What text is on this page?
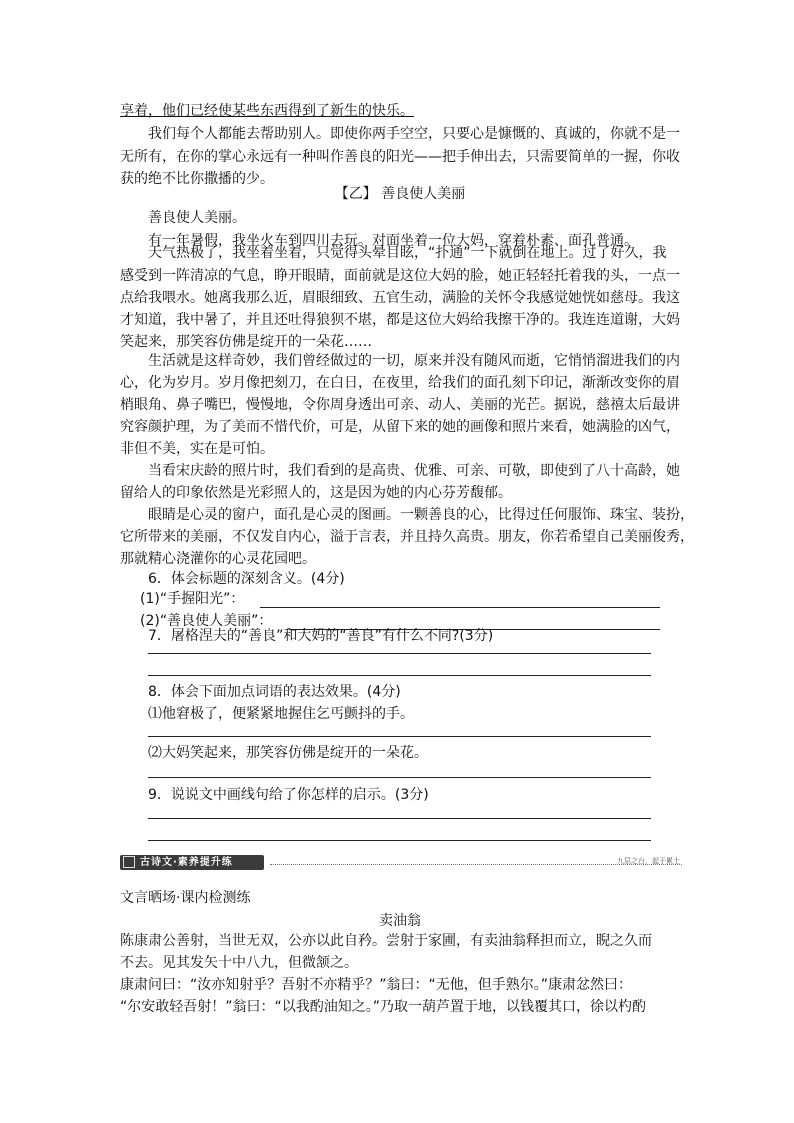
享着，他们已经使某些东西得到了新生的快乐。
我们每个人都能去帮助别人。即使你两手空空，只要心是慷慨的、真诚的，你就不是一
无所有，在你的掌心永远有一种叫作善良的阳光——把手伸出去，只需要简单的一握，你收
获的绝不比你撒播的少。
【乙】 善良使人美丽
善良使人美丽。
有一年暑假，我坐火车到四川去玩。对面坐着一位大妈，穿着朴素、面孔普通。
天气热极了，我坐着坐着，只觉得头晕目眩，“扑通”一下就倒在地上。过了好久，我
感受到一阵清凉的气息，睁开眼睛，面前就是这位大妈的脸，她正轻轻托着我的头，一点一
点给我喂水。她离我那么近，眉眼细致、五官生动，满脸的关怀令我感觉她恍如慈母。我这
才知道，我中暑了，并且还吐得狼狈不堪，都是这位大妈给我擦干净的。我连连道谢，大妈
笑起来，那笑容仿佛是绽开的一朵花……
生活就是这样奇妙，我们曾经做过的一切，原来并没有随风而逝，它悄悄溜进我们的内
心，化为岁月。岁月像把刻刀，在白日，在夜里，给我们的面孔刻下印记，渐渐改变你的眉
梢眼角、鼻子嘴巴，慢慢地，令你周身透出可亲、动人、美丽的光芒。据说，慈禧太后最讲
究容颜护理，为了美而不惜代价，可是，从留下来的她的画像和照片来看，她满脸的凶气，
非但不美，实在是可怕。
当看宋庆龄的照片时，我们看到的是高贵、优雅、可亲、可敬，即使到了八十高龄，她
留给人的印象依然是光彩照人的，这是因为她的内心芬芳馥郁。
眼睛是心灵的窗户，面孔是心灵的图画。一颗善良的心，比得过任何服饰、珠宝、装扮，
它所带来的美丽，不仅发自内心，溢于言表，并且持久高贵。朋友，你若希望自己美丽俊秀，
那就精心浇灌你的心灵花园吧。
6．体会标题的深刻含义。(4分)
(1)“手握阳光”：
(2)“善良使人美丽”：
7．屠格涅夫的“善良”和大妈的“善良”有什么不同?(3分)
8．体会下面加点词语的表达效果。(4分)
⑴他窘极了，便紧紧地握住乞丐颤抖的手。
⑵大妈笑起来，那笑容仿佛是绽开的一朵花。
9．说说文中画线句给了你怎样的启示。(3分)
古诗文·素养提升练	九层之台，起于累土
文言晒场·课内检测练
卖油翁
陈康肃公善射，当世无双，公亦以此自矜。尝射于家圃，有卖油翁释担而立，睨之久而
不去。见其发矢十中八九，但微颔之。
康肃问曰：“汝亦知射乎？吾射不亦精乎？”翁曰：“无他，但手熟尔。”康肃忿然曰：
“尔安敢轻吾射！”翁曰：“以我酌油知之。”乃取一葫芦置于地，以钱覆其口，徐以杓酌
